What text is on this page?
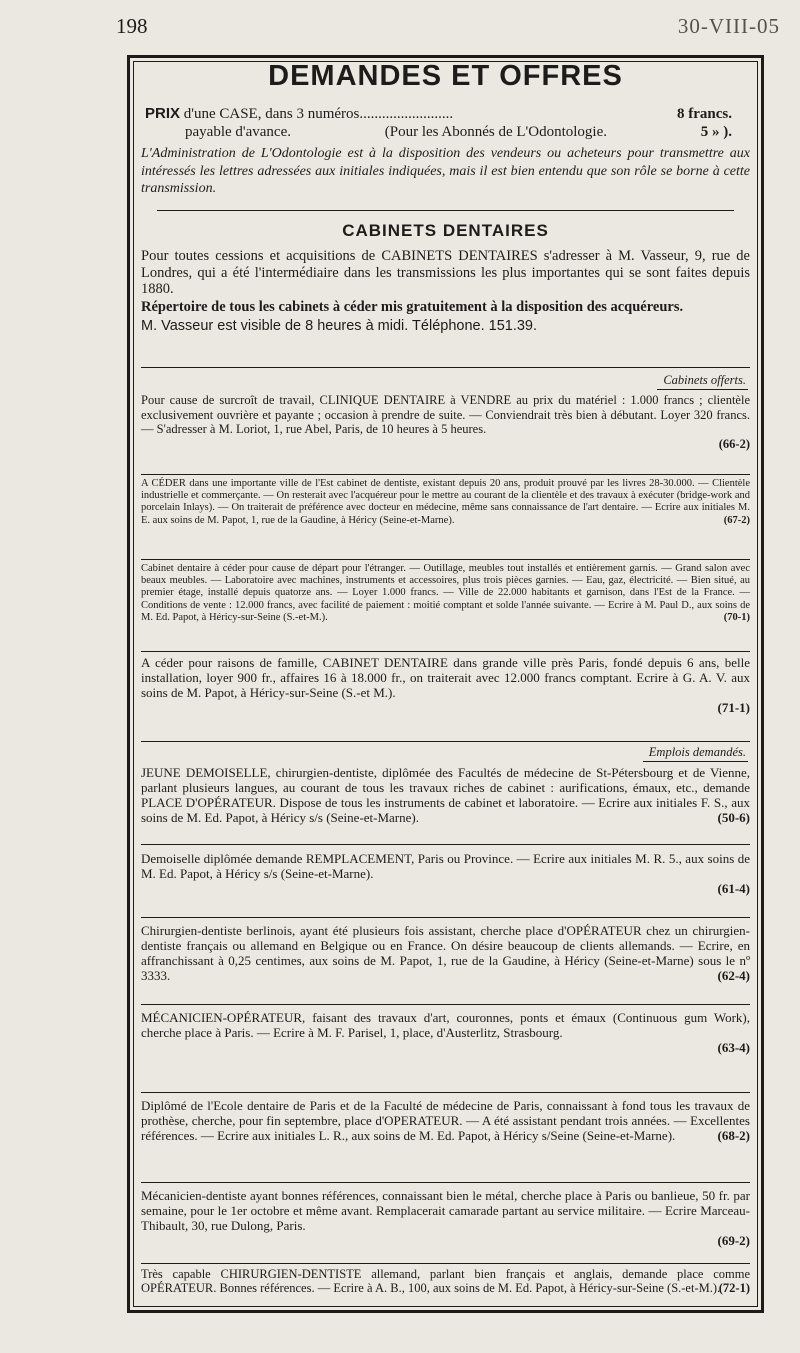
198	30-VIII-05
DEMANDES ET OFFRES
PRIX d'une CASE, dans 3 numéros.........................	8 francs.
payable d'avance.	(Pour les Abonnés de L'Odontologie.	5 » ).
L'Administration de L'Odontologie est à la disposition des vendeurs ou acheteurs pour transmettre aux intéressés les lettres adressées aux initiales indiquées, mais il est bien entendu que son rôle se borne à cette transmission.
CABINETS DENTAIRES

Pour toutes cessions et acquisitions de CABINETS DENTAIRES s'adresser à M. Vasseur, 9, rue de Londres, qui a été l'intermédiaire dans les transmissions les plus importantes qui se sont faites depuis 1880.

Répertoire de tous les cabinets à céder mis gratuitement à la disposition des acquéreurs.

M. Vasseur est visible de 8 heures à midi. Téléphone. 151.39.

Cabinets offerts.

Pour cause de surcroît de travail, CLINIQUE DENTAIRE à VENDRE au prix du matériel : 1.000 francs ; clientèle exclusivement ouvrière et payante ; occasion à prendre de suite. — Conviendrait très bien à débutant. Loyer 320 francs. — S'adresser à M. Loriot, 1, rue Abel, Paris, de 10 heures à 5 heures.

(66-2)

A CÉDER dans une importante ville de l'Est cabinet de dentiste, existant depuis 20 ans, produit prouvé par les livres 28-30.000. — Clientèle industrielle et commerçante. — On resterait avec l'acquéreur pour le mettre au courant de la clientèle et des travaux à exécuter (bridge-work and porcelain Inlays). — On traiterait de préférence avec docteur en médecine, même sans connaissance de l'art dentaire. — Ecrire aux initiales M. E. aux soins de M. Papot, 1, rue de la Gaudine, à Héricy (Seine-et-Marne).	(67-2)

Cabinet dentaire à céder pour cause de départ pour l'étranger. — Outillage, meubles tout installés et entièrement garnis. — Grand salon avec beaux meubles. — Laboratoire avec machines, instruments et accessoires, plus trois pièces garnies. — Eau, gaz, électricité. — Bien situé, au premier étage, installé depuis quatorze ans. — Loyer 1.000 francs. — Ville de 22.000 habitants et garnison, dans l'Est de la France. — Conditions de vente : 12.000 francs, avec facilité de paiement : moitié comptant et solde l'année suivante. — Ecrire à M. Paul D., aux soins de M. Ed. Papot, à Héricy-sur-Seine (S.-et-M.).	(70-1)

A céder pour raisons de famille, CABINET DENTAIRE dans grande ville près Paris, fondé depuis 6 ans, belle installation, loyer 900 fr., affaires 16 à 18.000 fr., on traiterait avec 12.000 francs comptant. Ecrire à G. A. V. aux soins de M. Papot, à Héricy-sur-Seine (S.-et M.).

(71-1)
Emplois demandés.

JEUNE DEMOISELLE, chirurgien-dentiste, diplômée des Facultés de médecine de St-Pétersbourg et de Vienne, parlant plusieurs langues, au courant de tous les travaux riches de cabinet : aurifications, émaux, etc., demande PLACE D'OPÉRATEUR. Dispose de tous les instruments de cabinet et laboratoire. — Ecrire aux initiales F. S., aux soins de M. Ed. Papot, à Héricy s/s (Seine-et-Marne).	(50-6)

Demoiselle diplômée demande REMPLACEMENT, Paris ou Province. — Ecrire aux initiales M. R. 5., aux soins de M. Ed. Papot, à Héricy s/s (Seine-et-Marne).

(61-4)

Chirurgien-dentiste berlinois, ayant été plusieurs fois assistant, cherche place d'OPÉRATEUR chez un chirurgien-dentiste français ou allemand en Belgique ou en France. On désire beaucoup de clients allemands. — Ecrire, en affranchissant à 0,25 centimes, aux soins de M. Papot, 1, rue de la Gaudine, à Héricy (Seine-et-Marne) sous le nº 3333.	(62-4)

MÉCANICIEN-OPÉRATEUR, faisant des travaux d'art, couronnes, ponts et émaux (Continuous gum Work), cherche place à Paris. — Ecrire à M. F. Parisel, 1, place, d'Austerlitz, Strasbourg.

(63-4)

Diplômé de l'Ecole dentaire de Paris et de la Faculté de médecine de Paris, connaissant à fond tous les travaux de prothèse, cherche, pour fin septembre, place d'OPERATEUR. — A été assistant pendant trois années. — Excellentes références. — Ecrire aux initiales L. R., aux soins de M. Ed. Papot, à Héricy s/Seine (Seine-et-Marne).	(68-2)

Mécanicien-dentiste ayant bonnes références, connaissant bien le métal, cherche place à Paris ou banlieue, 50 fr. par semaine, pour le 1er octobre et même avant. Remplacerait camarade partant au service militaire. — Ecrire Marceau-Thibault, 30, rue Dulong, Paris.

(69-2)

Très capable CHIRURGIEN-DENTISTE allemand, parlant bien français et anglais, demande place comme OPÉRATEUR. Bonnes références. — Ecrire à A. B., 100, aux soins de M. Ed. Papot, à Héricy-sur-Seine (S.-et-M.).

(72-1)
